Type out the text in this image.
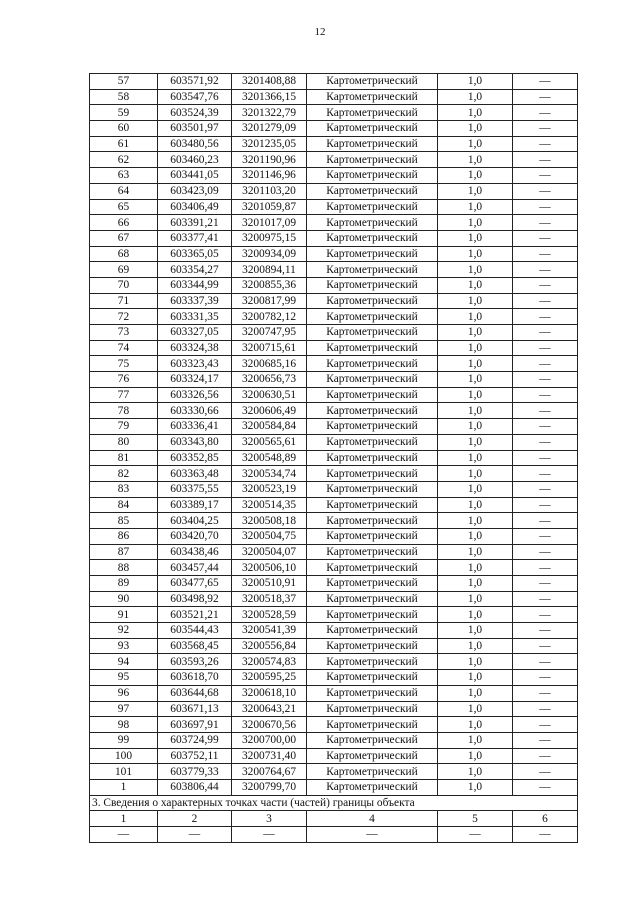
12
57	603571,92	3201408,88	Картометрический	1,0	—
58	603547,76	3201366,15	Картометрический	1,0	—
59	603524,39	3201322,79	Картометрический	1,0	—
60	603501,97	3201279,09	Картометрический	1,0	—
61	603480,56	3201235,05	Картометрический	1,0	—
62	603460,23	3201190,96	Картометрический	1,0	—
63	603441,05	3201146,96	Картометрический	1,0	—
64	603423,09	3201103,20	Картометрический	1,0	—
65	603406,49	3201059,87	Картометрический	1,0	—
66	603391,21	3201017,09	Картометрический	1,0	—
67	603377,41	3200975,15	Картометрический	1,0	—
68	603365,05	3200934,09	Картометрический	1,0	—
69	603354,27	3200894,11	Картометрический	1,0	—
70	603344,99	3200855,36	Картометрический	1,0	—
71	603337,39	3200817,99	Картометрический	1,0	—
72	603331,35	3200782,12	Картометрический	1,0	—
73	603327,05	3200747,95	Картометрический	1,0	—
74	603324,38	3200715,61	Картометрический	1,0	—
75	603323,43	3200685,16	Картометрический	1,0	—
76	603324,17	3200656,73	Картометрический	1,0	—
77	603326,56	3200630,51	Картометрический	1,0	—
78	603330,66	3200606,49	Картометрический	1,0	—
79	603336,41	3200584,84	Картометрический	1,0	—
80	603343,80	3200565,61	Картометрический	1,0	—
81	603352,85	3200548,89	Картометрический	1,0	—
82	603363,48	3200534,74	Картометрический	1,0	—
83	603375,55	3200523,19	Картометрический	1,0	—
84	603389,17	3200514,35	Картометрический	1,0	—
85	603404,25	3200508,18	Картометрический	1,0	—
86	603420,70	3200504,75	Картометрический	1,0	—
87	603438,46	3200504,07	Картометрический	1,0	—
88	603457,44	3200506,10	Картометрический	1,0	—
89	603477,65	3200510,91	Картометрический	1,0	—
90	603498,92	3200518,37	Картометрический	1,0	—
91	603521,21	3200528,59	Картометрический	1,0	—
92	603544,43	3200541,39	Картометрический	1,0	—
93	603568,45	3200556,84	Картометрический	1,0	—
94	603593,26	3200574,83	Картометрический	1,0	—
95	603618,70	3200595,25	Картометрический	1,0	—
96	603644,68	3200618,10	Картометрический	1,0	—
97	603671,13	3200643,21	Картометрический	1,0	—
98	603697,91	3200670,56	Картометрический	1,0	—
99	603724,99	3200700,00	Картометрический	1,0	—
100	603752,11	3200731,40	Картометрический	1,0	—
101	603779,33	3200764,67	Картометрический	1,0	—
1	603806,44	3200799,70	Картометрический	1,0	—
3. Сведения о характерных точках части (частей) границы объекта					
1	2	3	4	5	6
—	—	—	—	—	—
